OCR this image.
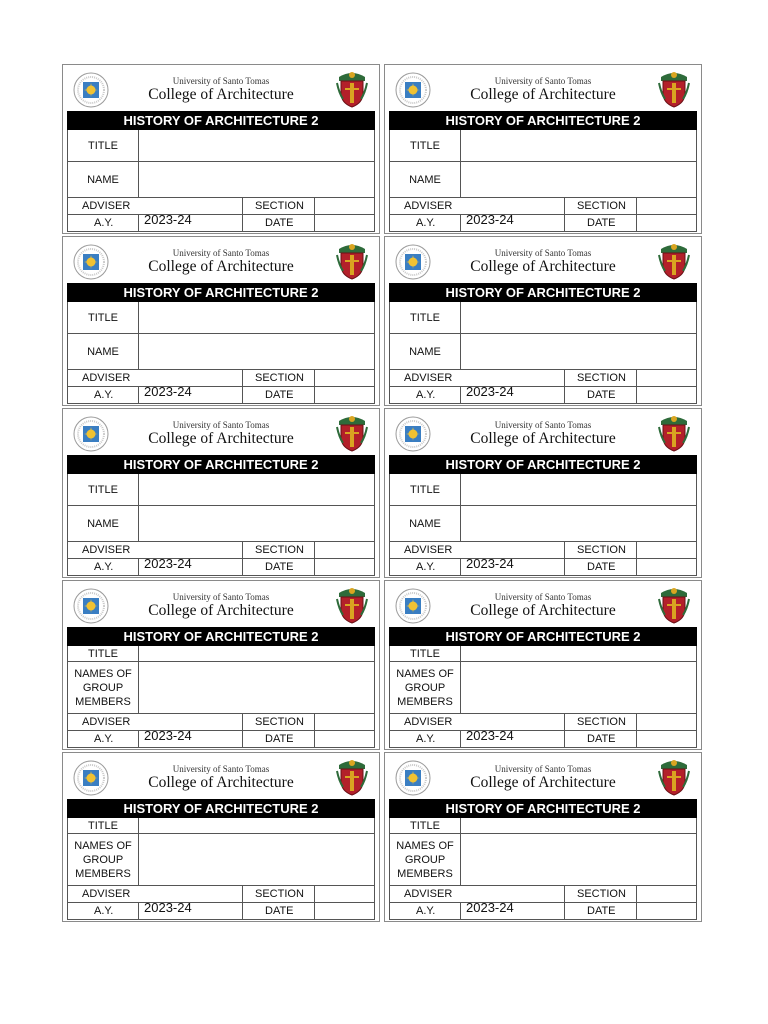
University of Santo Tomas
College of Architecture
HISTORY OF ARCHITECTURE 2
TITLE
NAME
ADVISER	SECTION
A.Y. 2023-24	DATE
University of Santo Tomas
College of Architecture
HISTORY OF ARCHITECTURE 2
TITLE
NAME
ADVISER	SECTION
A.Y. 2023-24	DATE
University of Santo Tomas
College of Architecture
HISTORY OF ARCHITECTURE 2
TITLE
NAME
ADVISER	SECTION
A.Y. 2023-24	DATE
University of Santo Tomas
College of Architecture
HISTORY OF ARCHITECTURE 2
TITLE
NAME
ADVISER	SECTION
A.Y. 2023-24	DATE
University of Santo Tomas
College of Architecture
HISTORY OF ARCHITECTURE 2
TITLE
NAME
ADVISER	SECTION
A.Y. 2023-24	DATE
University of Santo Tomas
College of Architecture
HISTORY OF ARCHITECTURE 2
TITLE
NAME
ADVISER	SECTION
A.Y. 2023-24	DATE
University of Santo Tomas
College of Architecture
HISTORY OF ARCHITECTURE 2
TITLE
NAMES OF
GROUP
MEMBERS
ADVISER	SECTION
A.Y. 2023-24	DATE
University of Santo Tomas
College of Architecture
HISTORY OF ARCHITECTURE 2
TITLE
NAMES OF
GROUP
MEMBERS
ADVISER	SECTION
A.Y. 2023-24	DATE
University of Santo Tomas
College of Architecture
HISTORY OF ARCHITECTURE 2
TITLE
NAMES OF
GROUP
MEMBERS
ADVISER	SECTION
A.Y. 2023-24	DATE
University of Santo Tomas
College of Architecture
HISTORY OF ARCHITECTURE 2
TITLE
NAMES OF
GROUP
MEMBERS
ADVISER	SECTION
A.Y. 2023-24	DATE
